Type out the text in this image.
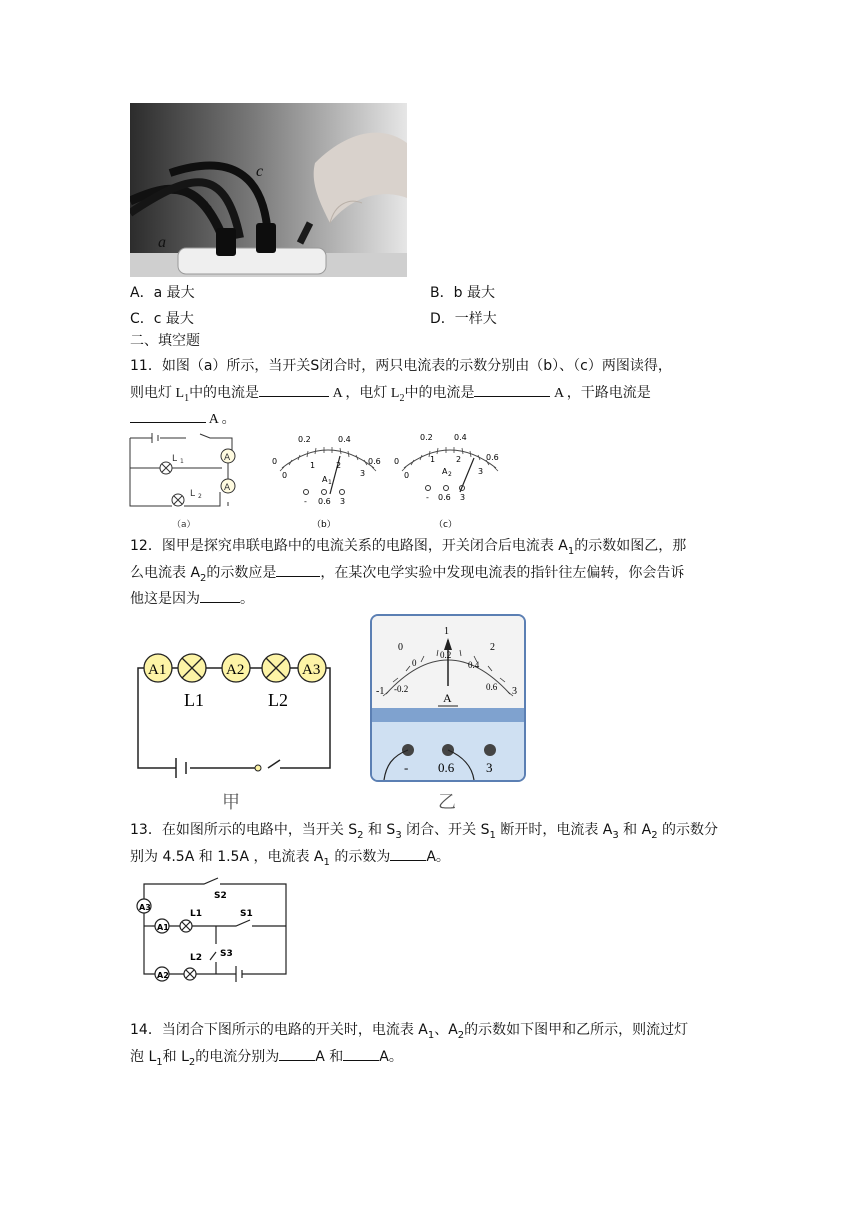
b
c
a
A．a 最大	B．b 最大
C．c 最大	D．一样大
二、填空题
11．如图（a）所示，当开关S闭合时，两只电流表的示数分别由（b）、（c）两图读得，
则电灯 $L_1$中的电流是	A ，电灯 $L_2$中的电流是	A ，干路电流是
A 。
A
A
L 1
L 2
（a）
0.2	0.4
0	0.6
1	2
3
0	A 1
- 0.6 3
（b）
0.2	0.4
0	0.6
1	2
3
0	A 2
- 0.6 3
（c）
12．图甲是探究串联电路中的电流关系的电路图，开关闭合后电流表 $A_1$的示数如图乙，那
么电流表 $A_2$的示数应是	，在某次电学实验中发现电流表的指针往左偏转，你会告诉
他这是因为	。
A1	A2	A3
L1	L2
甲
-1
0
1
2
3
-0.2
0
0.2
0.4
0.6
A
- 0.6 3
乙
13．在如图所示的电路中，当开关 $S_2$ 和 $S_3$ 闭合、开关 $S_1$ 断开时，电流表 $A_3$ 和 $A_2$ 的示数分
别为 4.5A 和 1.5A ，电流表 $A_1$ 的示数为	A。
S2
A3
L1	S1
A1
L2 S3
A2
14．当闭合下图所示的电路的开关时，电流表 $A_1$、$A_2$的示数如下图甲和乙所示，则流过灯
泡 $L_1$和 $L_2$的电流分别为	A 和	A。
